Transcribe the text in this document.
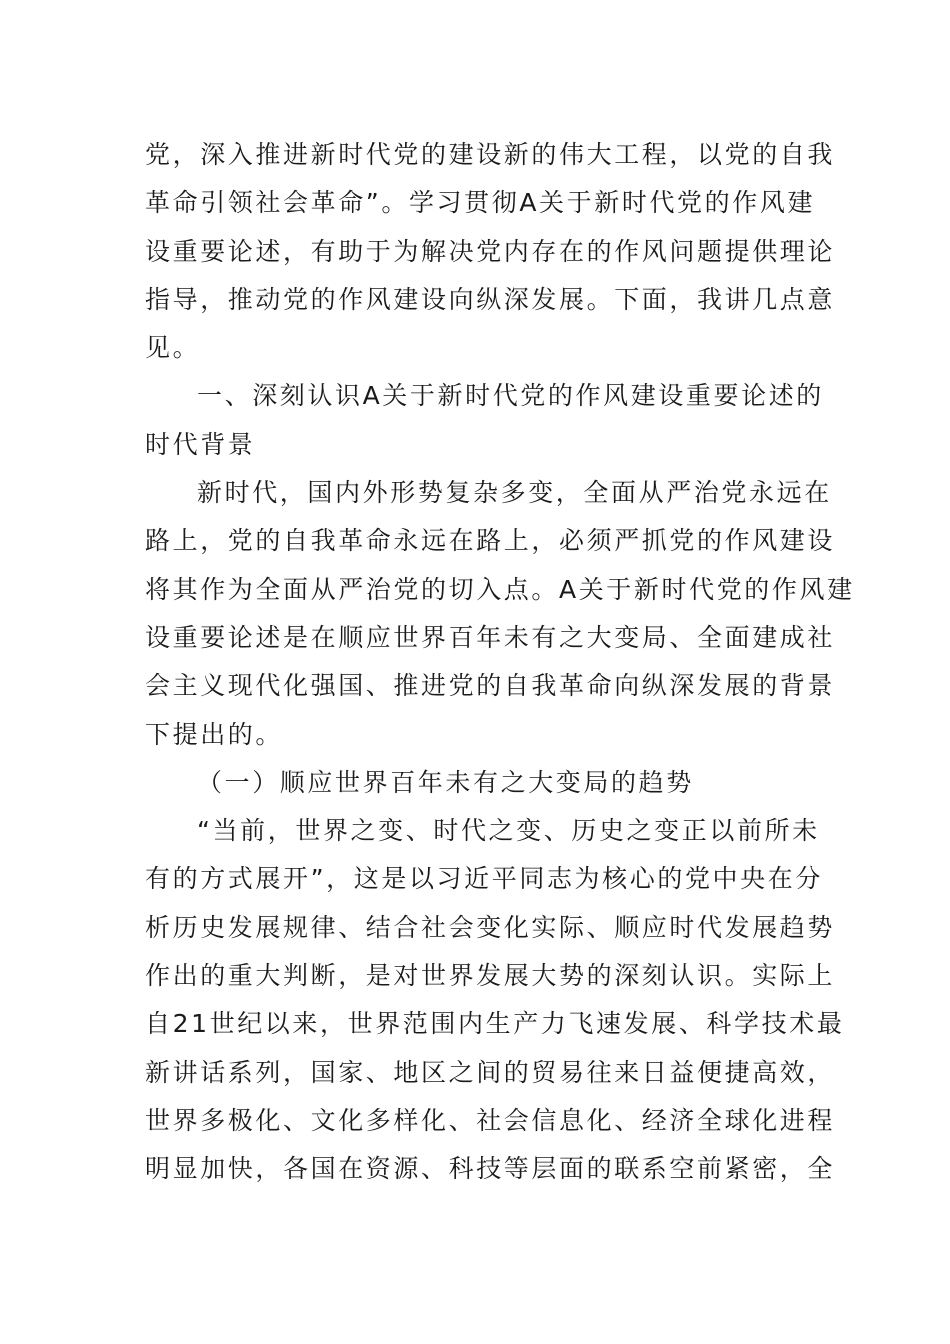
党，深入推进新时代党的建设新的伟大工程，以党的自我
革命引领社会革命”。学习贯彻A关于新时代党的作风建
设重要论述，有助于为解决党内存在的作风问题提供理论
指导，推动党的作风建设向纵深发展。下面，我讲几点意
见。
一、深刻认识A关于新时代党的作风建设重要论述的
时代背景
新时代，国内外形势复杂多变，全面从严治党永远在
路上，党的自我革命永远在路上，必须严抓党的作风建设
将其作为全面从严治党的切入点。A关于新时代党的作风建
设重要论述是在顺应世界百年未有之大变局、全面建成社
会主义现代化强国、推进党的自我革命向纵深发展的背景
下提出的。
（一）顺应世界百年未有之大变局的趋势
“当前，世界之变、时代之变、历史之变正以前所未
有的方式展开”，这是以习近平同志为核心的党中央在分
析历史发展规律、结合社会变化实际、顺应时代发展趋势
作出的重大判断，是对世界发展大势的深刻认识。实际上
自21世纪以来，世界范围内生产力飞速发展、科学技术最
新讲话系列，国家、地区之间的贸易往来日益便捷高效，
世界多极化、文化多样化、社会信息化、经济全球化进程
明显加快，各国在资源、科技等层面的联系空前紧密，全
